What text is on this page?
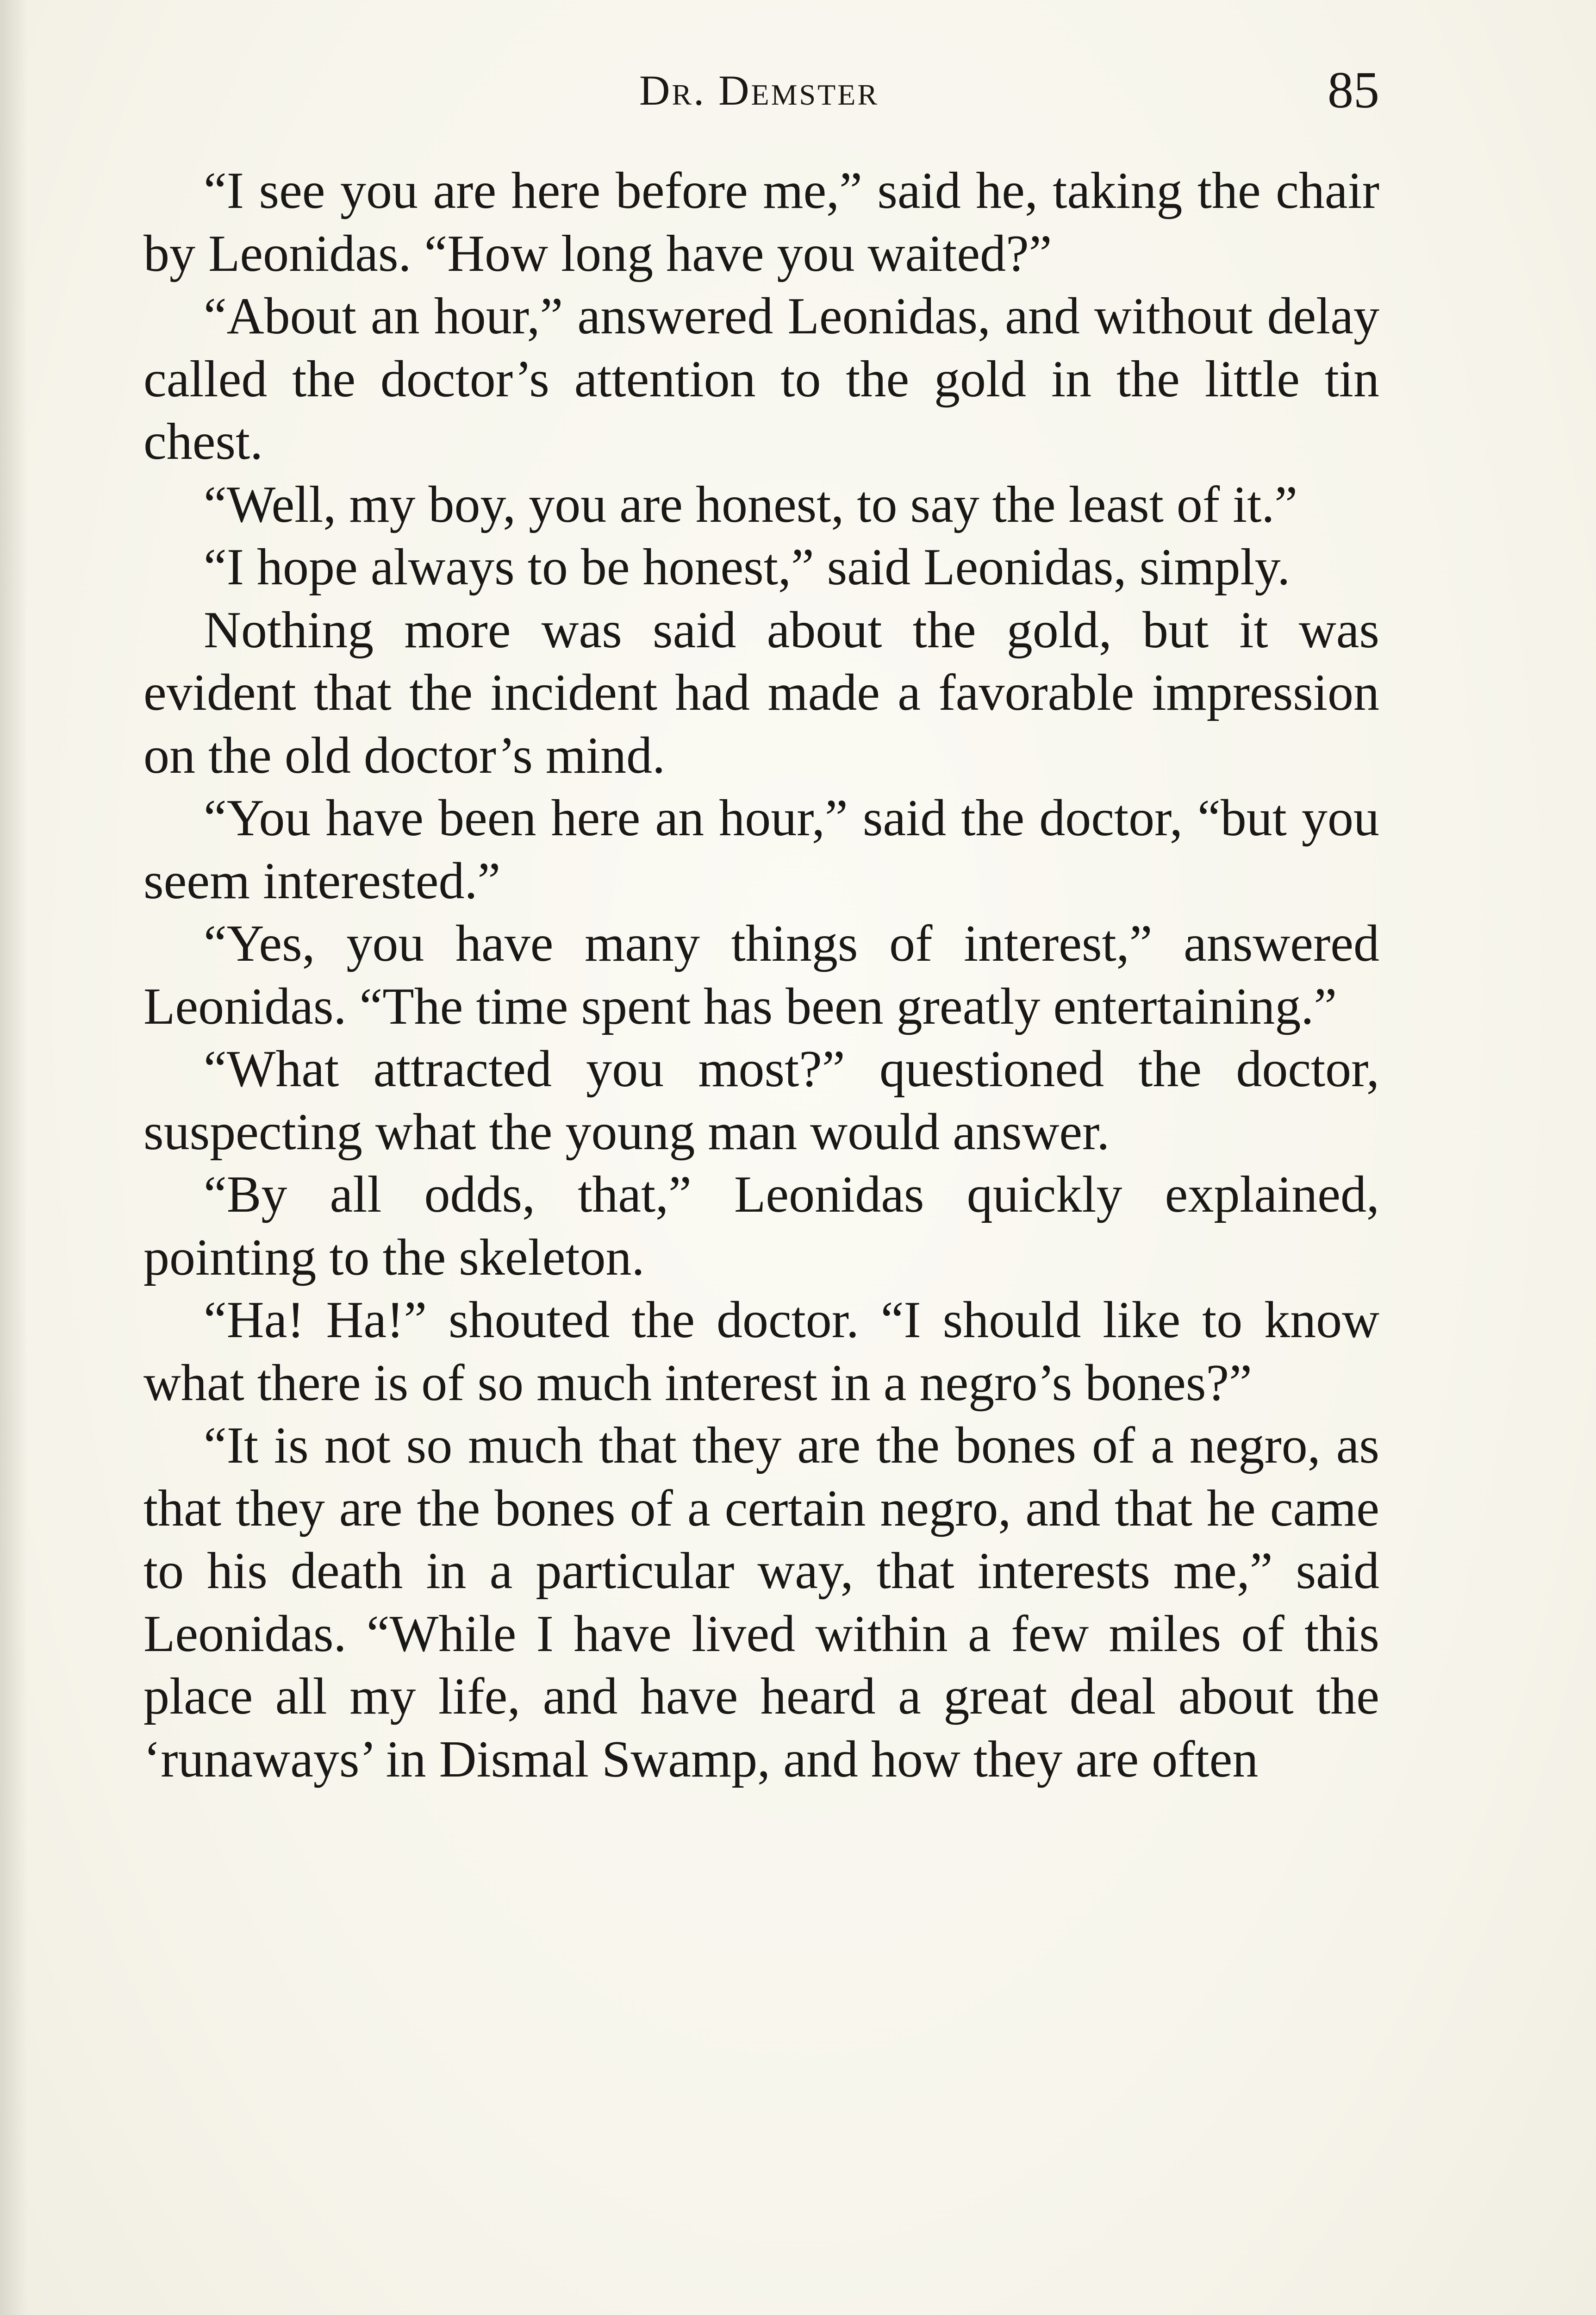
Dr. Demster	85

“I see you are here before me,” said he, taking the chair by Leonidas. “How long have you waited?”

“About an hour,” answered Leonidas, and without delay called the doctor’s attention to the gold in the little tin chest.

“Well, my boy, you are honest, to say the least of it.”

“I hope always to be honest,” said Leonidas, simply.

Nothing more was said about the gold, but it was evident that the incident had made a favorable impression on the old doctor’s mind.

“You have been here an hour,” said the doctor, “but you seem interested.”

“Yes, you have many things of interest,” answered Leonidas. “The time spent has been greatly entertaining.”

“What attracted you most?” questioned the doctor, suspecting what the young man would answer.

“By all odds, that,” Leonidas quickly explained, pointing to the skeleton.

“Ha! Ha!” shouted the doctor. “I should like to know what there is of so much interest in a negro’s bones?”

“It is not so much that they are the bones of a negro, as that they are the bones of a certain negro, and that he came to his death in a particular way, that interests me,” said Leonidas. “While I have lived within a few miles of this place all my life, and have heard a great deal about the ‘runaways’ in Dismal Swamp, and how they are often
